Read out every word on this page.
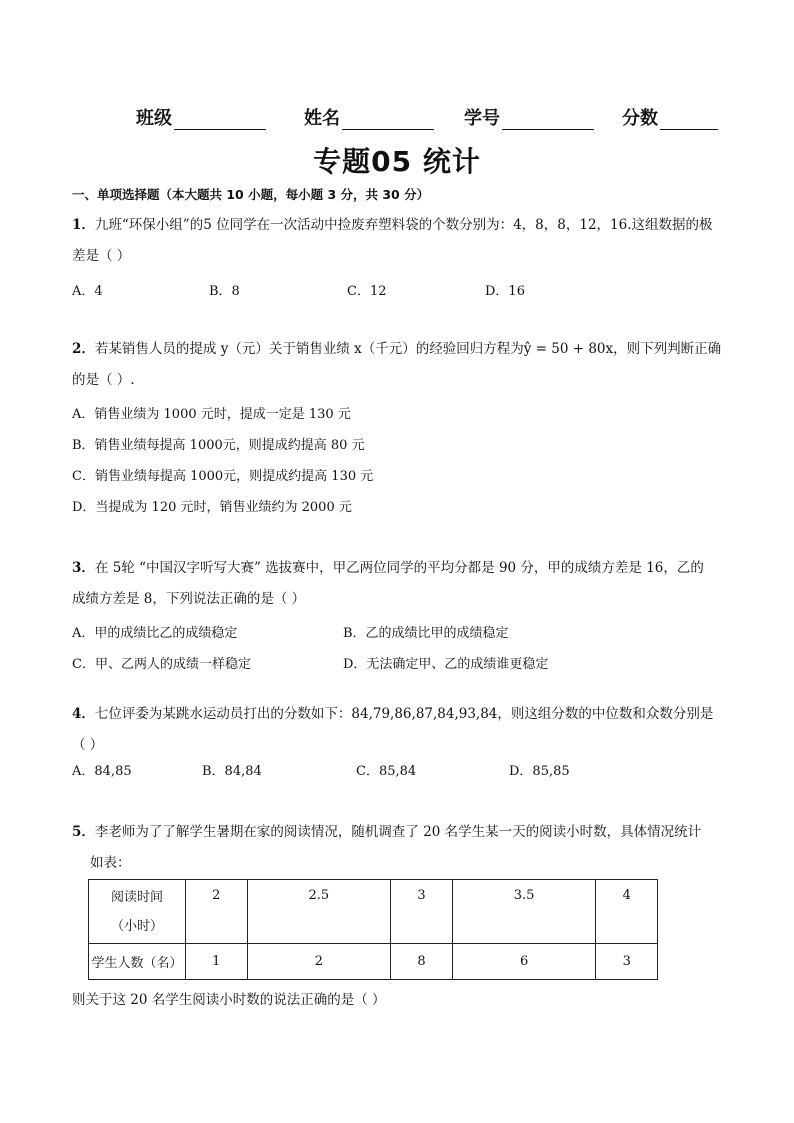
班级	姓名	学号	分数
专题05 统计
一、单项选择题（本大题共 10 小题，每小题 3 分，共 30 分）
1．九班“环保小组”的5 位同学在一次活动中捡废弃塑料袋的个数分别为：4，8，8，12，16.这组数据的极
差是（ ）
A．4	B．8	C．12	D．16
2．若某销售人员的提成 y（元）关于销售业绩 x（千元）的经验回归方程为ŷ = 50 + 80x，则下列判断正确
的是（ ）.
A．销售业绩为 1000 元时，提成一定是 130 元
B．销售业绩每提高 1000元，则提成约提高 80 元
C．销售业绩每提高 1000元，则提成约提高 130 元
D．当提成为 120 元时，销售业绩约为 2000 元
3．在 5轮 “中国汉字听写大赛” 选拔赛中，甲乙两位同学的平均分都是 90 分，甲的成绩方差是 16，乙的
成绩方差是 8，下列说法正确的是（ ）
A．甲的成绩比乙的成绩稳定	B．乙的成绩比甲的成绩稳定
C．甲、乙两人的成绩一样稳定	D．无法确定甲、乙的成绩谁更稳定
4．七位评委为某跳水运动员打出的分数如下：84,79,86,87,84,93,84，则这组分数的中位数和众数分别是
（ ）
A．84,85	B．84,84	C．85,84	D．85,85
5．李老师为了了解学生暑期在家的阅读情况，随机调查了 20 名学生某一天的阅读小时数，具体情况统计
如表：
阅读时间
（小时）	2	2.5	3	3.5	4
学生人数（名）	1	2	8	6	3
则关于这 20 名学生阅读小时数的说法正确的是（ ）
